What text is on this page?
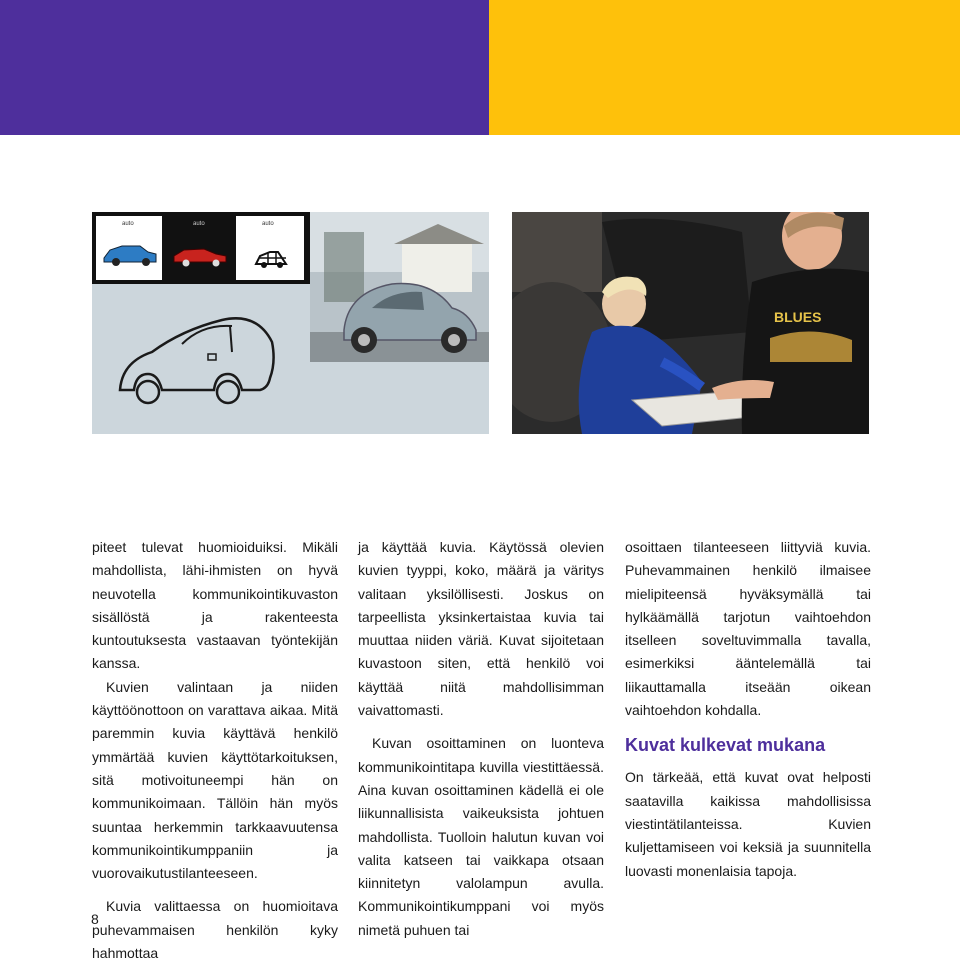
auto	auto	auto
BLUES

piteet tulevat huomioiduiksi. Mikäli mahdollista, lähi-ihmisten on hyvä neuvotella kommunikointikuvaston sisällöstä ja rakenteesta kuntoutuksesta vastaavan työntekijän kanssa.

Kuvien valintaan ja niiden käyttöönottoon on varattava aikaa. Mitä paremmin kuvia käyttävä henkilö ymmärtää kuvien käyttötarkoituksen, sitä motivoituneempi hän on kommunikoimaan. Tällöin hän myös suuntaa herkemmin tarkkaavuutensa kommunikointikumppaniin ja vuorovaikutustilanteeseen.

Kuvia valittaessa on huomioitava puhevammaisen henkilön kyky hahmottaa

ja käyttää kuvia. Käytössä olevien kuvien tyyppi, koko, määrä ja väritys valitaan yksilöllisesti. Joskus on tarpeellista yksinkertaistaa kuvia tai muuttaa niiden väriä. Kuvat sijoitetaan kuvastoon siten, että henkilö voi käyttää niitä mahdollisimman vaivattomasti.

Kuvan osoittaminen on luonteva kommunikointitapa kuvilla viestittäessä. Aina kuvan osoittaminen kädellä ei ole liikunnallisista vaikeuksista johtuen mahdollista. Tuolloin halutun kuvan voi valita katseen tai vaikkapa otsaan kiinnitetyn valolampun avulla. Kommunikointikumppani voi myös nimetä puhuen tai

osoittaen tilanteeseen liittyviä kuvia. Puhevammainen henkilö ilmaisee mielipiteensä hyväksymällä tai hylkäämällä tarjotun vaihtoehdon itselleen soveltuvimmalla tavalla, esimerkiksi ääntelemällä tai liikauttamalla itseään oikean vaihtoehdon kohdalla.

Kuvat kulkevat mukana

On tärkeää, että kuvat ovat helposti saatavilla kaikissa mahdollisissa viestintätilanteissa. Kuvien kuljettamiseen voi keksiä ja suunnitella luovasti monenlaisia tapoja.

8
